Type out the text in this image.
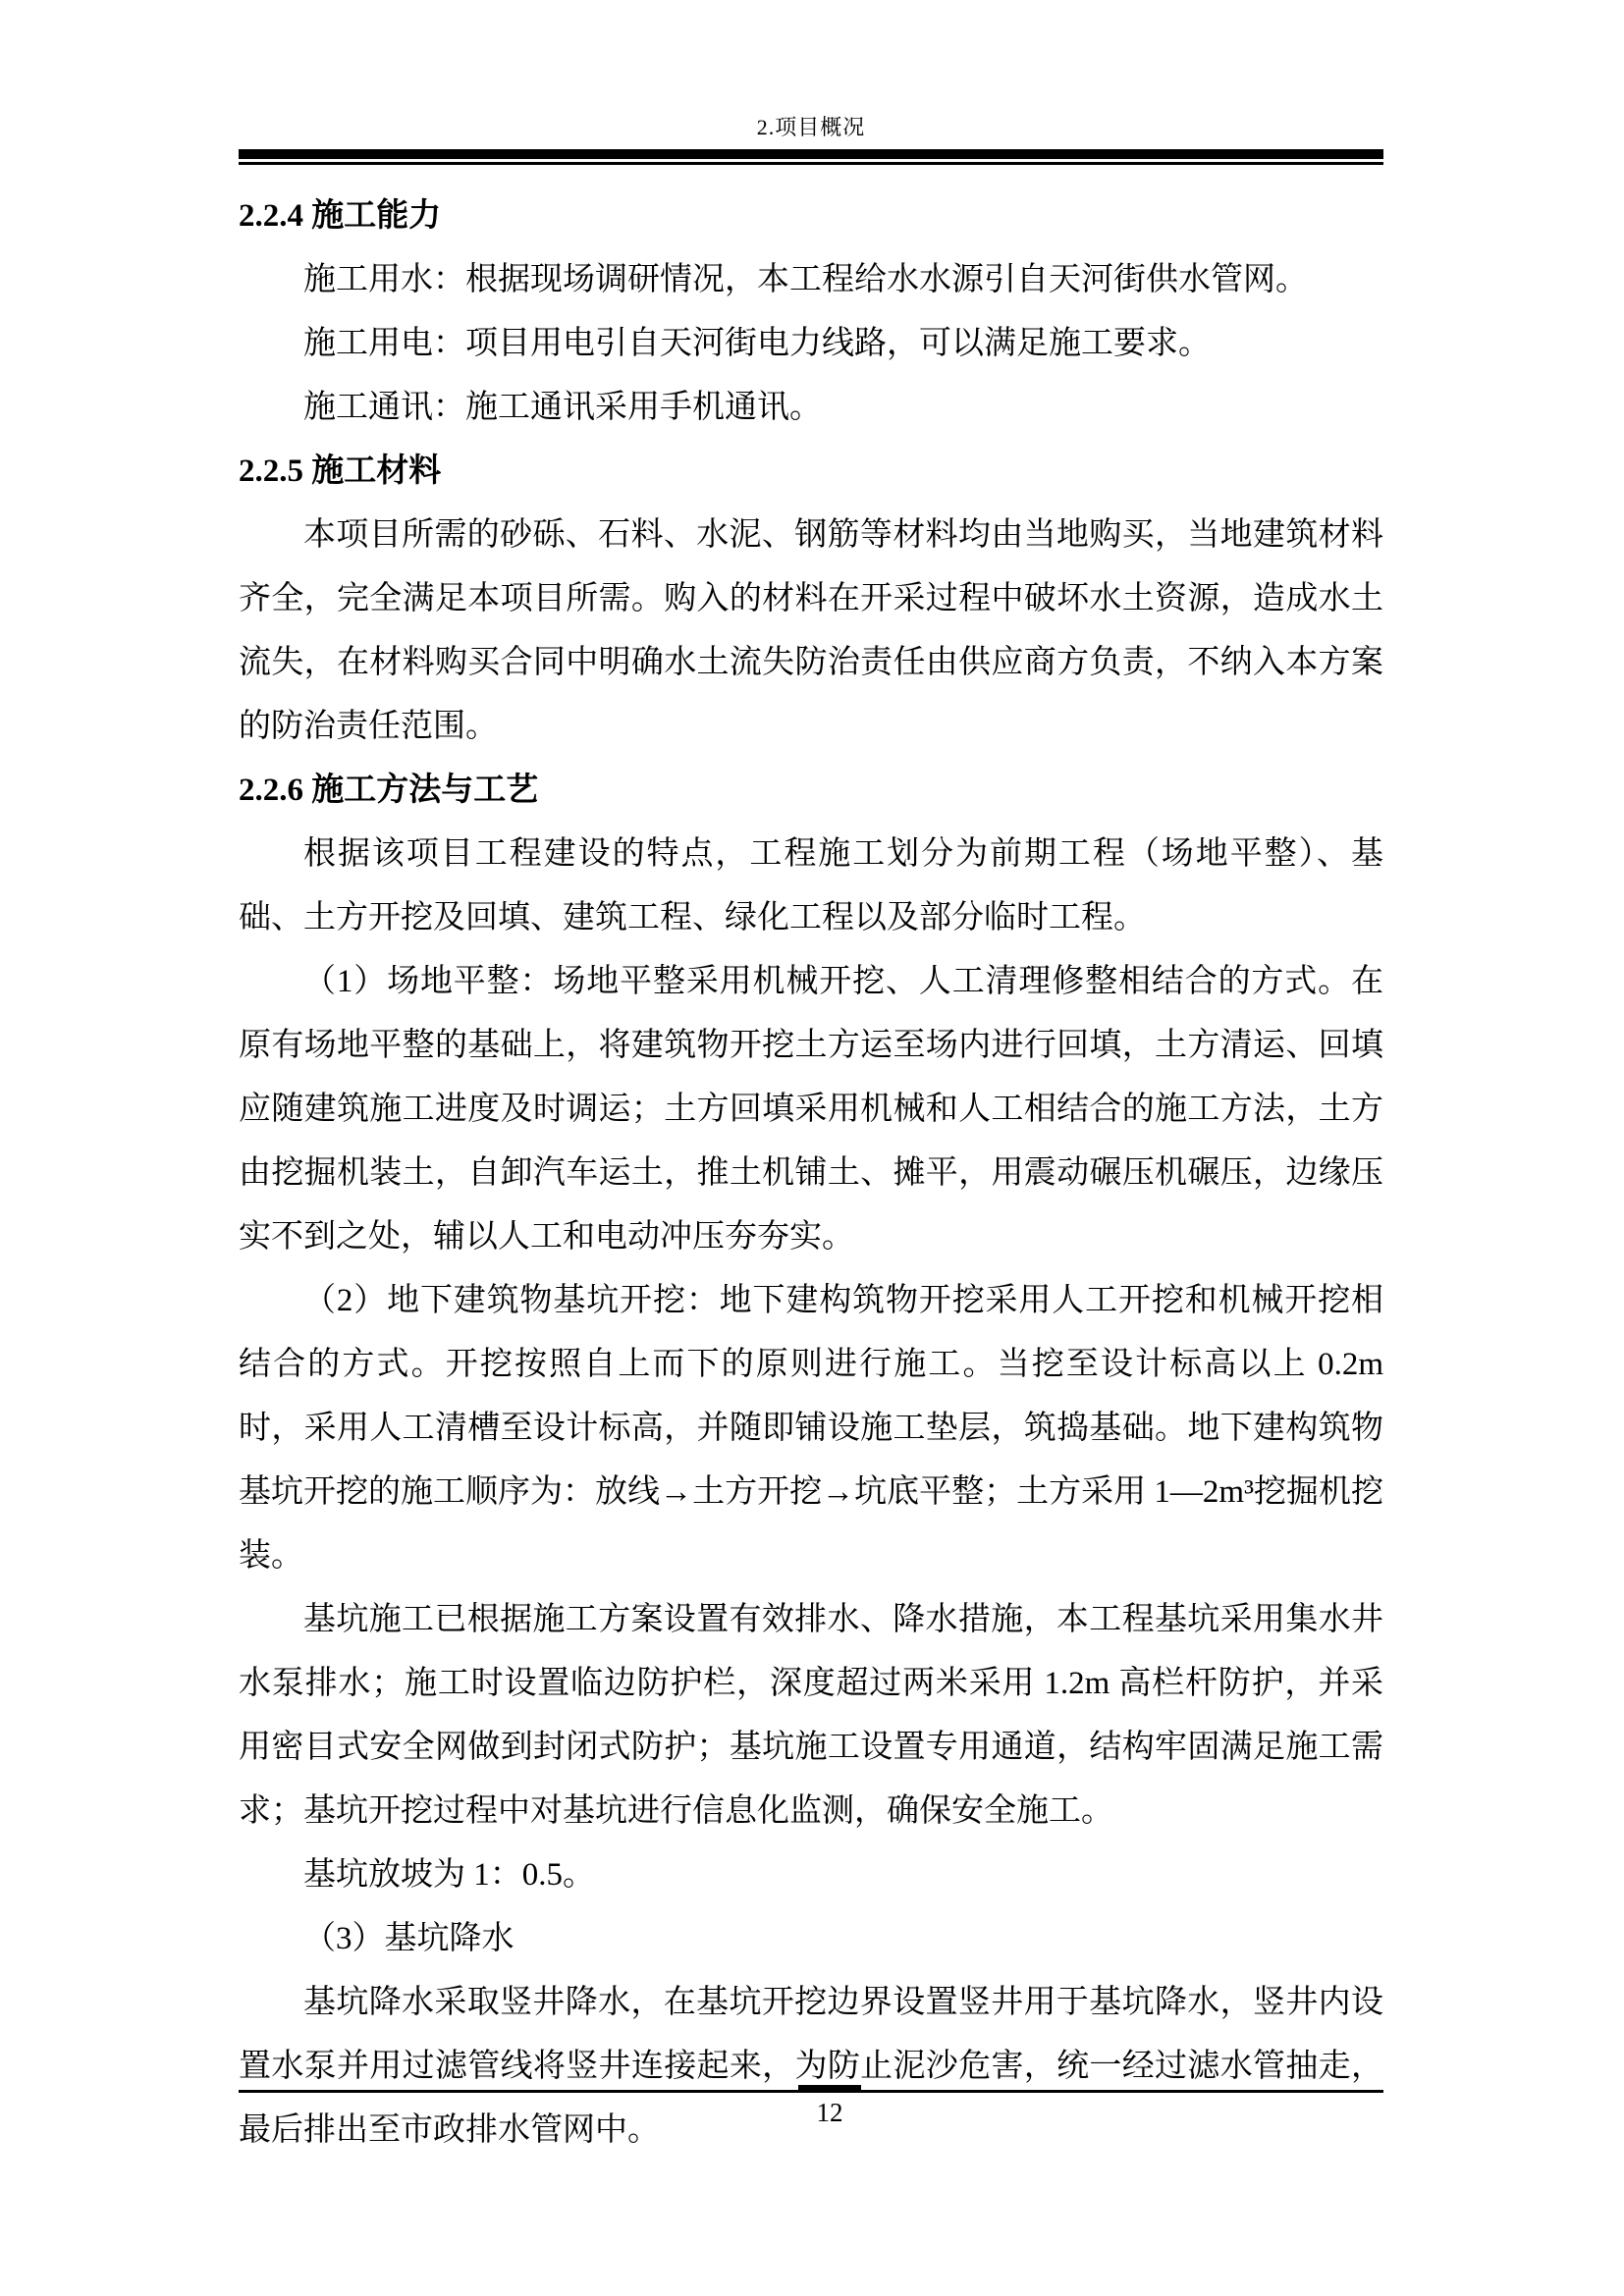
2.项目概况
2.2.4 施工能力

施工用水：根据现场调研情况，本工程给水水源引自天河街供水管网。

施工用电：项目用电引自天河街电力线路，可以满足施工要求。

施工通讯：施工通讯采用手机通讯。

2.2.5 施工材料

本项目所需的砂砾、石料、水泥、钢筋等材料均由当地购买，当地建筑材料齐全，完全满足本项目所需。购入的材料在开采过程中破坏水土资源，造成水土流失，在材料购买合同中明确水土流失防治责任由供应商方负责，不纳入本方案的防治责任范围。

2.2.6 施工方法与工艺

根据该项目工程建设的特点，工程施工划分为前期工程（场地平整）、基础、土方开挖及回填、建筑工程、绿化工程以及部分临时工程。

（1）场地平整：场地平整采用机械开挖、人工清理修整相结合的方式。在原有场地平整的基础上，将建筑物开挖土方运至场内进行回填，土方清运、回填应随建筑施工进度及时调运；土方回填采用机械和人工相结合的施工方法，土方由挖掘机装土，自卸汽车运土，推土机铺土、摊平，用震动碾压机碾压，边缘压实不到之处，辅以人工和电动冲压夯夯实。

（2）地下建筑物基坑开挖：地下建构筑物开挖采用人工开挖和机械开挖相结合的方式。开挖按照自上而下的原则进行施工。当挖至设计标高以上 0.2m 时，采用人工清槽至设计标高，并随即铺设施工垫层，筑捣基础。地下建构筑物基坑开挖的施工顺序为：放线→土方开挖→坑底平整；土方采用 1—2m³挖掘机挖装。

基坑施工已根据施工方案设置有效排水、降水措施，本工程基坑采用集水井水泵排水；施工时设置临边防护栏，深度超过两米采用 1.2m 高栏杆防护，并采用密目式安全网做到封闭式防护；基坑施工设置专用通道，结构牢固满足施工需求；基坑开挖过程中对基坑进行信息化监测，确保安全施工。

基坑放坡为 1：0.5。

（3）基坑降水

基坑降水采取竖井降水，在基坑开挖边界设置竖井用于基坑降水，竖井内设置水泵并用过滤管线将竖井连接起来，为防止泥沙危害，统一经过滤水管抽走，最后排出至市政排水管网中。	12
